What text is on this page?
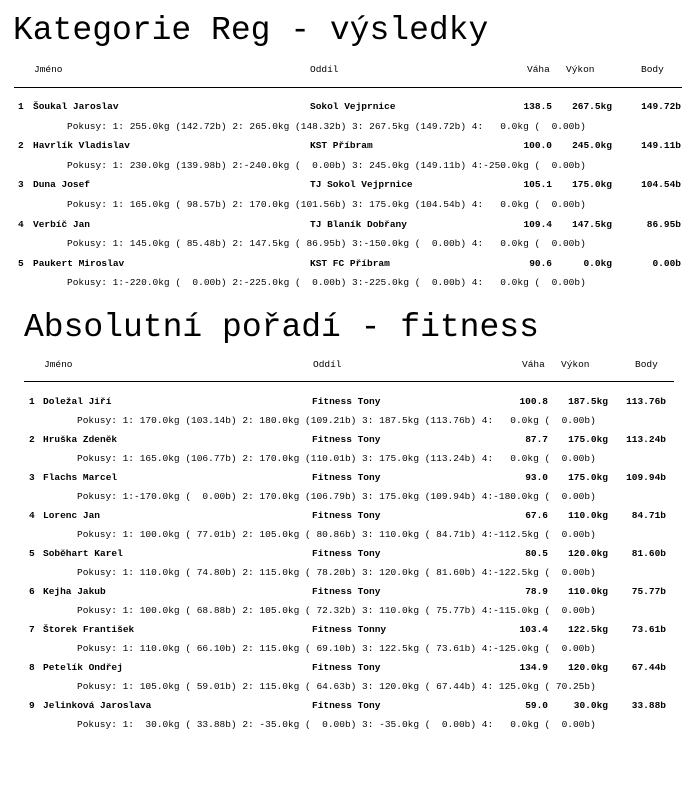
Kategorie Reg - výsledky
Jméno	Oddíl	Váha Výkon	Body
1 Šoukal Jaroslav	Sokol Vejprnice	138.5 267.5kg	149.72b
Pokusy: 1: 255.0kg (142.72b) 2: 265.0kg (148.32b) 3: 267.5kg (149.72b) 4:   0.0kg (  0.00b)
2 Havrlík Vladislav	KST Příbram	100.0 245.0kg	149.11b
Pokusy: 1: 230.0kg (139.98b) 2:-240.0kg (  0.00b) 3: 245.0kg (149.11b) 4:-250.0kg (  0.00b)
3 Duna Josef	TJ Sokol Vejprnice	105.1 175.0kg	104.54b
Pokusy: 1: 165.0kg ( 98.57b) 2: 170.0kg (101.56b) 3: 175.0kg (104.54b) 4:   0.0kg (  0.00b)
4 Verbíč Jan	TJ Blaník Dobřany	109.4 147.5kg	86.95b
Pokusy: 1: 145.0kg ( 85.48b) 2: 147.5kg ( 86.95b) 3:-150.0kg (  0.00b) 4:   0.0kg (  0.00b)
5 Paukert Miroslav	KST FC Příbram	90.6	0.0kg	0.00b
Pokusy: 1:-220.0kg (  0.00b) 2:-225.0kg (  0.00b) 3:-225.0kg (  0.00b) 4:   0.0kg (  0.00b)
Absolutní pořadí - fitness
Jméno	Oddíl	Váha Výkon	Body
1 Doležal Jiří	Fitness Tony	100.8 187.5kg 113.76b
Pokusy: 1: 170.0kg (103.14b) 2: 180.0kg (109.21b) 3: 187.5kg (113.76b) 4:   0.0kg (  0.00b)
2 Hruška Zdeněk	Fitness Tony	87.7 175.0kg 113.24b
Pokusy: 1: 165.0kg (106.77b) 2: 170.0kg (110.01b) 3: 175.0kg (113.24b) 4:   0.0kg (  0.00b)
3 Flachs Marcel	Fitness Tony	93.0 175.0kg 109.94b
Pokusy: 1:-170.0kg (  0.00b) 2: 170.0kg (106.79b) 3: 175.0kg (109.94b) 4:-180.0kg (  0.00b)
4 Lorenc Jan	Fitness Tony	67.6 110.0kg	84.71b
Pokusy: 1: 100.0kg ( 77.01b) 2: 105.0kg ( 80.86b) 3: 110.0kg ( 84.71b) 4:-112.5kg (  0.00b)
5 Soběhart Karel	Fitness Tony	80.5 120.0kg	81.60b
Pokusy: 1: 110.0kg ( 74.80b) 2: 115.0kg ( 78.20b) 3: 120.0kg ( 81.60b) 4:-122.5kg (  0.00b)
6 Kejha Jakub	Fitness Tony	78.9 110.0kg	75.77b
Pokusy: 1: 100.0kg ( 68.88b) 2: 105.0kg ( 72.32b) 3: 110.0kg ( 75.77b) 4:-115.0kg (  0.00b)
7 Štorek František	Fitness Tonny	103.4 122.5kg	73.61b
Pokusy: 1: 110.0kg ( 66.10b) 2: 115.0kg ( 69.10b) 3: 122.5kg ( 73.61b) 4:-125.0kg (  0.00b)
8 Petelík Ondřej	Fitness Tony	134.9 120.0kg	67.44b
Pokusy: 1: 105.0kg ( 59.01b) 2: 115.0kg ( 64.63b) 3: 120.0kg ( 67.44b) 4: 125.0kg ( 70.25b)
9 Jelinková Jaroslava	Fitness Tony	59.0	30.0kg	33.88b
Pokusy: 1:  30.0kg ( 33.88b) 2: -35.0kg (  0.00b) 3: -35.0kg (  0.00b) 4:   0.0kg (  0.00b)
